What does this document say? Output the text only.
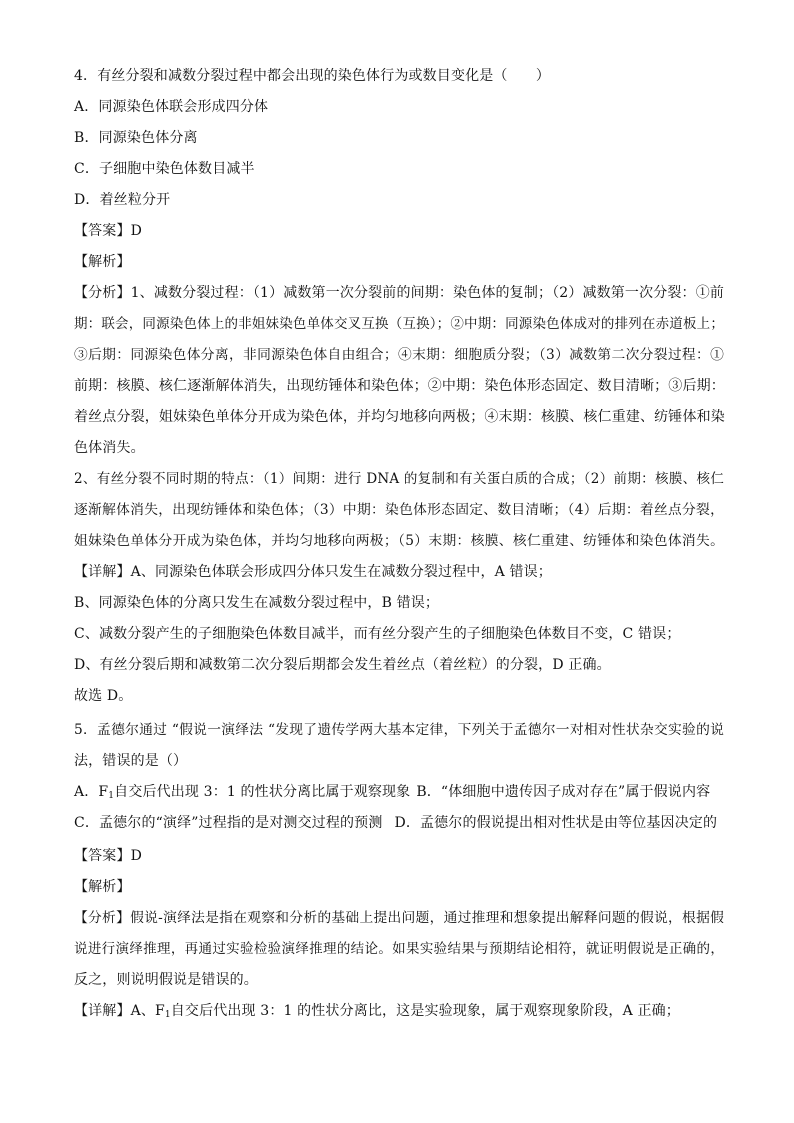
4．有丝分裂和减数分裂过程中都会出现的染色体行为或数目变化是（　　）
A．同源染色体联会形成四分体
B．同源染色体分离
C．子细胞中染色体数目减半
D．着丝粒分开
【答案】D
【解析】
【分析】1、减数分裂过程：（1）减数第一次分裂前的间期：染色体的复制；（2）减数第一次分裂：①前
期：联会，同源染色体上的非姐妹染色单体交叉互换（互换）；②中期：同源染色体成对的排列在赤道板上；
③后期：同源染色体分离，非同源染色体自由组合；④末期：细胞质分裂；（3）减数第二次分裂过程：①
前期：核膜、核仁逐渐解体消失，出现纺锤体和染色体；②中期：染色体形态固定、数目清晰；③后期：
着丝点分裂，姐妹染色单体分开成为染色体，并均匀地移向两极；④末期：核膜、核仁重建、纺锤体和染
色体消失。
2、有丝分裂不同时期的特点：（1）间期：进行 DNA 的复制和有关蛋白质的合成；（2）前期：核膜、核仁
逐渐解体消失，出现纺锤体和染色体；（3）中期：染色体形态固定、数目清晰；（4）后期：着丝点分裂，
姐妹染色单体分开成为染色体，并均匀地移向两极；（5）末期：核膜、核仁重建、纺锤体和染色体消失。
【详解】A、同源染色体联会形成四分体只发生在减数分裂过程中，A 错误；
B、同源染色体的分离只发生在减数分裂过程中，B 错误；
C、减数分裂产生的子细胞染色体数目减半，而有丝分裂产生的子细胞染色体数目不变，C 错误；
D、有丝分裂后期和减数第二次分裂后期都会发生着丝点（着丝粒）的分裂，D 正确。
故选 D。
5．孟德尔通过 “假说一演绎法 “发现了遗传学两大基本定律，下列关于孟德尔一对相对性状杂交实验的说
法，错误的是（）
A．$F_1$自交后代出现 3：1 的性状分离比属于观察现象 B．“体细胞中遗传因子成对存在”属于假说内容
C．孟德尔的“演绎”过程指的是对测交过程的预测 D．孟德尔的假说提出相对性状是由等位基因决定的
【答案】D
【解析】
【分析】假说-演绎法是指在观察和分析的基础上提出问题，通过推理和想象提出解释问题的假说，根据假
说进行演绎推理，再通过实验检验演绎推理的结论。如果实验结果与预期结论相符，就证明假说是正确的，
反之，则说明假说是错误的。
【详解】A、$F_1$自交后代出现 3：1 的性状分离比，这是实验现象，属于观察现象阶段，A 正确；
